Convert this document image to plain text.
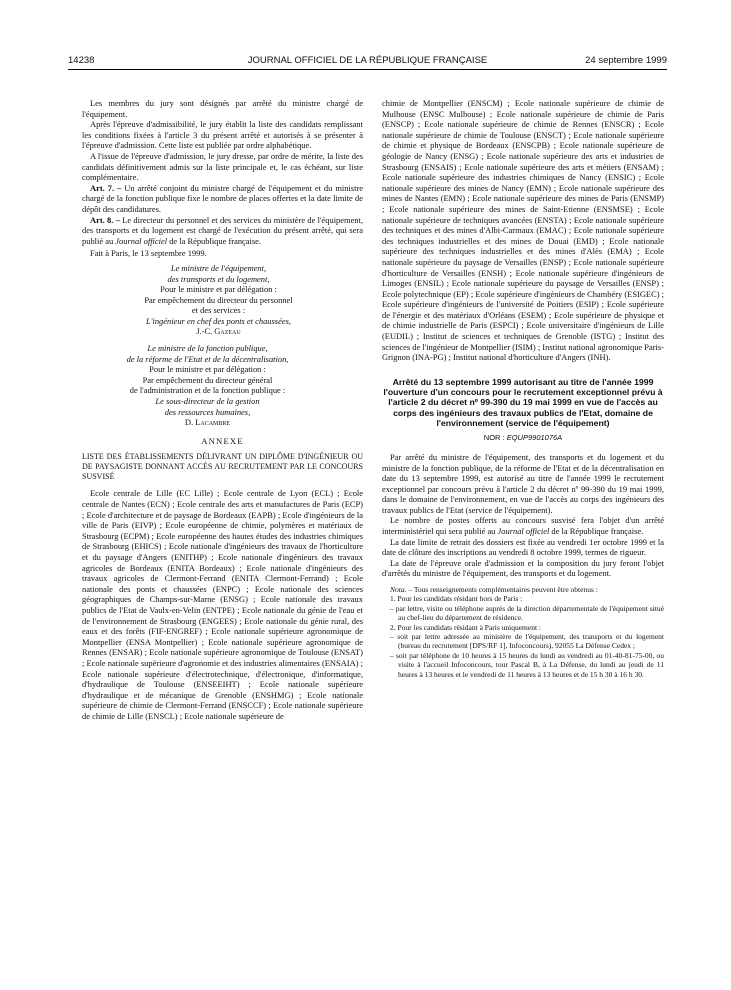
14238	JOURNAL OFFICIEL DE LA RÉPUBLIQUE FRANÇAISE	24 septembre 1999

Les membres du jury sont désignés par arrêté du ministre chargé de l'équipement.

Après l'épreuve d'admissibilité, le jury établit la liste des candidats remplissant les conditions fixées à l'article 3 du présent arrêté et autorisés à se présenter à l'épreuve d'admission. Cette liste est publiée par ordre alphabétique.

A l'issue de l'épreuve d'admission, le jury dresse, par ordre de mérite, la liste des candidats définitivement admis sur la liste principale et, le cas échéant, sur liste complémentaire.

Art. 7. – Un arrêté conjoint du ministre chargé de l'équipement et du ministre chargé de la fonction publique fixe le nombre de places offertes et la date limite de dépôt des candidatures.

Art. 8. – Le directeur du personnel et des services du ministère de l'équipement, des transports et du logement est chargé de l'exécution du présent arrêté, qui sera publié au Journal officiel de la République française.

Fait à Paris, le 13 septembre 1999.

Le ministre de l'équipement,

des transports et du logement,

Pour le ministre et par délégation :

Par empêchement du directeur du personnel

et des services :

L'ingénieur en chef des ponts et chaussées,

J.-C. Gazeau

Le ministre de la fonction publique,

de la réforme de l'Etat et de la décentralisation,

Pour le ministre et par délégation :

Par empêchement du directeur général

de l'administration et de la fonction publique :

Le sous-directeur de la gestion

des ressources humaines,

D. Lacambre

ANNEXE

LISTE DES ÉTABLISSEMENTS DÉLIVRANT UN DIPLÔME D'INGÉNIEUR OU DE PAYSAGISTE DONNANT ACCÈS AU RECRUTEMENT PAR LE CONCOURS SUSVISÉ

Ecole centrale de Lille (EC Lille) ; Ecole centrale de Lyon (ECL) ; Ecole centrale de Nantes (ECN) ; Ecole centrale des arts et manufactures de Paris (ECP) ; Ecole d'architecture et de paysage de Bordeaux (EAPB) ; Ecole d'ingénieurs de la ville de Paris (EIVP) ; Ecole européenne de chimie, polymères et matériaux de Strasbourg (ECPM) ; Ecole européenne des hautes études des industries chimiques de Strasbourg (EHICS) ; Ecole nationale d'ingénieurs des travaux de l'horticulture et du paysage d'Angers (ENITHP) ; Ecole nationale d'ingénieurs des travaux agricoles de Bordeaux (ENITA Bordeaux) ; Ecole nationale d'ingénieurs des travaux agricoles de Clermont-Ferrand (ENITA Clermont-Ferrand) ; Ecole nationale des ponts et chaussées (ENPC) ; Ecole nationale des sciences géographiques de Champs-sur-Marne (ENSG) ; Ecole nationale des travaux publics de l'Etat de Vaulx-en-Velin (ENTPE) ; Ecole nationale du génie de l'eau et de l'environnement de Strasbourg (ENGEES) ; Ecole nationale du génie rural, des eaux et des forêts (FIF-ENGREF) ; Ecole nationale supérieure agronomique de Montpellier (ENSA Montpellier) ; Ecole nationale supérieure agronomique de Rennes (ENSAR) ; Ecole nationale supérieure agronomique de Toulouse (ENSAT) ; Ecole nationale supérieure d'agronomie et des industries alimentaires (ENSAIA) ; Ecole nationale supérieure d'électrotechnique, d'électronique, d'informatique, d'hydraulique de Toulouse (ENSEEIHT) ; Ecole nationale supérieure d'hydraulique et de mécanique de Grenoble (ENSHMG) ; Ecole nationale supérieure de chimie de Clermont-Ferrand (ENSCCF) ; Ecole nationale supérieure de chimie de Lille (ENSCL) ; Ecole nationale supérieure de

chimie de Montpellier (ENSCM) ; Ecole nationale supérieure de chimie de Mulhouse (ENSC Mulhouse) ; Ecole nationale supérieure de chimie de Paris (ENSCP) ; Ecole nationale supérieure de chimie de Rennes (ENSCR) ; Ecole nationale supérieure de chimie de Toulouse (ENSCT) ; Ecole nationale supérieure de chimie et physique de Bordeaux (ENSCPB) ; Ecole nationale supérieure de géologie de Nancy (ENSG) ; Ecole nationale supérieure des arts et industries de Strasbourg (ENSAIS) ; Ecole nationale supérieure des arts et métiers (ENSAM) ; Ecole nationale supérieure des industries chimiques de Nancy (ENSIC) ; Ecole nationale supérieure des mines de Nancy (EMN) ; Ecole nationale supérieure des mines de Nantes (EMN) ; Ecole nationale supérieure des mines de Paris (ENSMP) ; Ecole nationale supérieure des mines de Saint-Etienne (ENSMSE) ; Ecole nationale supérieure de techniques avancées (ENSTA) ; Ecole nationale supérieure des techniques et des mines d'Albi-Carmaux (EMAC) ; Ecole nationale supérieure des techniques industrielles et des mines de Douai (EMD) ; Ecole nationale supérieure des techniques industrielles et des mines d'Alès (EMA) ; Ecole nationale supérieure du paysage de Versailles (ENSP) ; Ecole nationale supérieure d'horticulture de Versailles (ENSH) ; Ecole nationale supérieure d'ingénieurs de Limoges (ENSIL) ; Ecole nationale supérieure du paysage de Versailles (ENSP) ; Ecole polytechnique (EP) ; Ecole supérieure d'ingénieurs de Chambéry (ESIGEC) ; Ecole supérieure d'ingénieurs de l'université de Poitiers (ESIP) ; Ecole supérieure de l'énergie et des matériaux d'Orléans (ESEM) ; Ecole supérieure de physique et de chimie industrielle de Paris (ESPCI) ; Ecole universitaire d'ingénieurs de Lille (EUDIL) ; Institut de sciences et techniques de Grenoble (ISTG) ; Institut des sciences de l'ingénieur de Montpellier (ISIM) ; Institut national agronomique Paris-Grignon (INA-PG) ; Institut national d'horticulture d'Angers (INH).

Arrêté du 13 septembre 1999 autorisant au titre de l'année 1999 l'ouverture d'un concours pour le recrutement exceptionnel prévu à l'article 2 du décret nº 99-390 du 19 mai 1999 en vue de l'accès au corps des ingénieurs des travaux publics de l'Etat, domaine de l'environnement (service de l'équipement)
NOR : EQUP9901076A

Par arrêté du ministre de l'équipement, des transports et du logement et du ministre de la fonction publique, de la réforme de l'Etat et de la décentralisation en date du 13 septembre 1999, est autorisé au titre de l'année 1999 le recrutement exceptionnel par concours prévu à l'article 2 du décret nº 99-390 du 19 mai 1999, dans le domaine de l'environnement, en vue de l'accès au corps des ingénieurs des travaux publics de l'Etat (service de l'équipement).

Le nombre de postes offerts au concours susvisé fera l'objet d'un arrêté interministériel qui sera publié au Journal officiel de la République française.

La date limite de retrait des dossiers est fixée au vendredi 1er octobre 1999 et la date de clôture des inscriptions au vendredi 8 octobre 1999, termes de rigueur.

La date de l'épreuve orale d'admission et la composition du jury feront l'objet d'arrêtés du ministre de l'équipement, des transports et du logement.

Nota. – Tous renseignements complémentaires peuvent être obtenus :

1. Pour les candidats résidant hors de Paris :

– par lettre, visite ou téléphone auprès de la direction départementale de l'équipement situé au chef-lieu du département de résidence.

2. Pour les candidats résidant à Paris uniquement :

– soit par lettre adressée au ministère de l'équipement, des transports et du logement (bureau du recrutement [DPS/RF 1], Infoconcours), 92055 La Défense Cedex ;

– soit par téléphone de 10 heures à 15 heures du lundi au vendredi au 01-40-81-75-00, ou visite à l'accueil Infoconcours, tour Pascal B, à La Défense, du lundi au jeudi de 11 heures à 13 heures et le vendredi de 11 heures à 13 heures et de 15 h 30 à 16 h 30.
